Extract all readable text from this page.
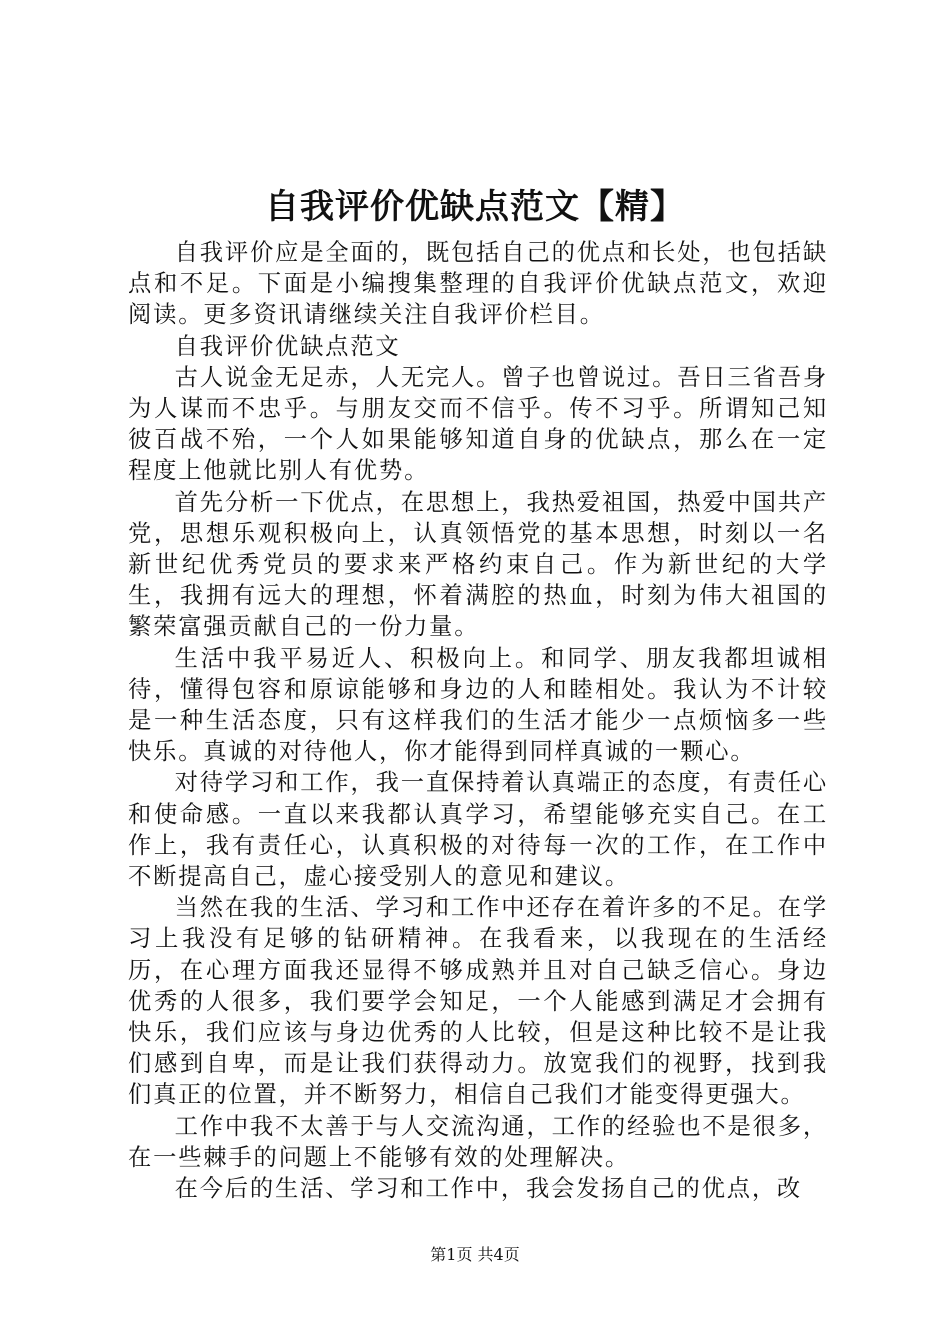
自我评价优缺点范文【精】

自我评价应是全面的，既包括自己的优点和长处，也包括缺点和不足。下面是小编搜集整理的自我评价优缺点范文，欢迎阅读。更多资讯请继续关注自我评价栏目。

自我评价优缺点范文

古人说金无足赤，人无完人。曾子也曾说过。吾日三省吾身为人谋而不忠乎。与朋友交而不信乎。传不习乎。所谓知己知彼百战不殆，一个人如果能够知道自身的优缺点，那么在一定程度上他就比别人有优势。

首先分析一下优点，在思想上，我热爱祖国，热爱中国共产党，思想乐观积极向上，认真领悟党的基本思想，时刻以一名新世纪优秀党员的要求来严格约束自己。作为新世纪的大学生，我拥有远大的理想，怀着满腔的热血，时刻为伟大祖国的繁荣富强贡献自己的一份力量。

生活中我平易近人、积极向上。和同学、朋友我都坦诚相待，懂得包容和原谅能够和身边的人和睦相处。我认为不计较是一种生活态度，只有这样我们的生活才能少一点烦恼多一些快乐。真诚的对待他人，你才能得到同样真诚的一颗心。

对待学习和工作，我一直保持着认真端正的态度，有责任心和使命感。一直以来我都认真学习，希望能够充实自己。在工作上，我有责任心，认真积极的对待每一次的工作，在工作中不断提高自己，虚心接受别人的意见和建议。

当然在我的生活、学习和工作中还存在着许多的不足。在学习上我没有足够的钻研精神。在我看来，以我现在的生活经历，在心理方面我还显得不够成熟并且对自己缺乏信心。身边优秀的人很多，我们要学会知足，一个人能感到满足才会拥有快乐，我们应该与身边优秀的人比较，但是这种比较不是让我们感到自卑，而是让我们获得动力。放宽我们的视野，找到我们真正的位置，并不断努力，相信自己我们才能变得更强大。

工作中我不太善于与人交流沟通，工作的经验也不是很多，在一些棘手的问题上不能够有效的处理解决。

在今后的生活、学习和工作中，我会发扬自己的优点，改

第1页 共4页
